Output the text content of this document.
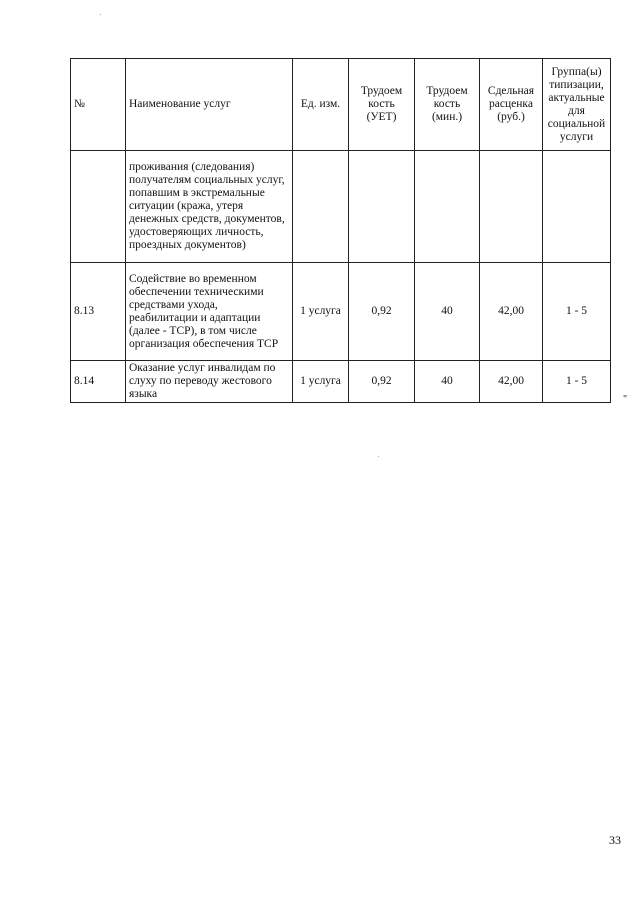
№	Наименование услуг	Ед. изм.	Трудоем кость (УЕТ)	Трудоем кость (мин.)	Сдельная расценка (руб.)	Группа(ы) типизации, актуальные для социальной услуги
	проживания (следования) получателям социальных услуг, попавшим в экстремальные ситуации (кража, утеря денежных средств, документов, удостоверяющих личность, проездных документов)					
8.13	Содействие во временном обеспечении техническими средствами ухода, реабилитации и адаптации (далее - ТСР), в том числе организация обеспечения ТСР	1 услуга	0,92	40	42,00	1 - 5
8.14	Оказание услуг инвалидам по слуху по переводу жестового языка	1 услуга	0,92	40	42,00	1 - 5
"
33
